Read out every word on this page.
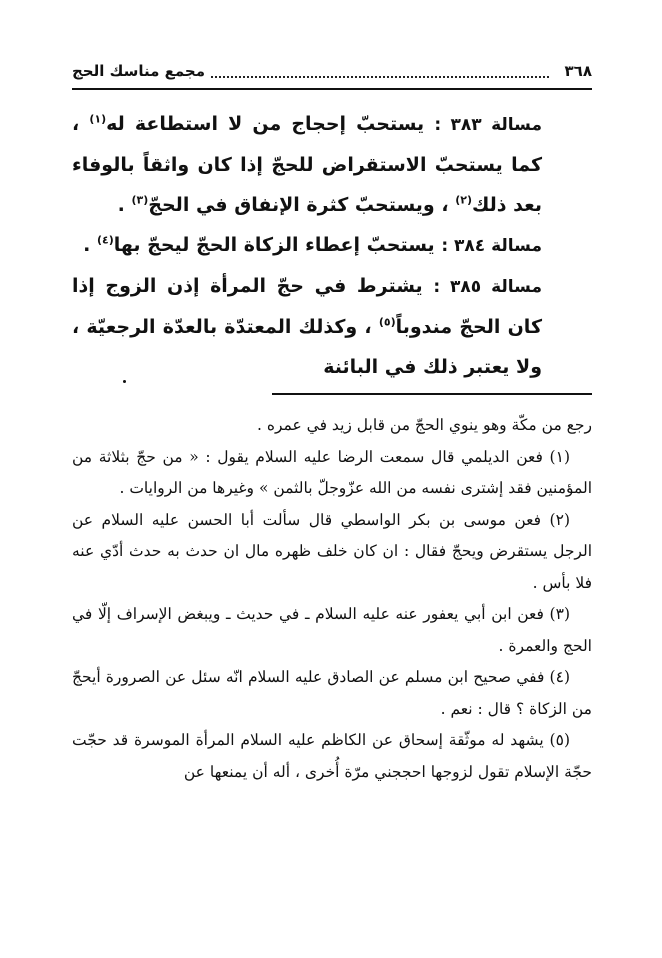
٣٦٨
مجمع مناسك الحج

مسالة ٣٨٣ : يستحبّ إحجاج من لا استطاعة له$^{(١)}$ ، كما يستحبّ الاستقراض للحجّ إذا كان واثقاً بالوفاء بعد ذلك$^{(٢)}$ ، ويستحبّ كثرة الإنفاق في الحجّ$^{(٣)}$ .

مسالة ٣٨٤ : يستحبّ إعطاء الزكاة الحجّ ليحجّ بها$^{(٤)}$ .

مسالة ٣٨٥ : يشترط في حجّ المرأة إذن الزوج إذا كان الحجّ مندوباً$^{(٥)}$ ، وكذلك المعتدّة بالعدّة الرجعيّة ، ولا يعتبر ذلك في البائنة

رجع من مكّة وهو ينوي الحجّ من قابل زيد في عمره .

(١) فعن الديلمي قال سمعت الرضا عليه السلام يقول : « من حجّ بثلاثة من المؤمنين فقد إشترى نفسه من الله عزّوجلّ بالثمن » وغيرها من الروايات .

(٢) فعن موسى بن بكر الواسطي قال سألت أبا الحسن عليه السلام عن الرجل يستقرض ويحجّ فقال : ان كان خلف ظهره مال ان حدث به حدث أدّي عنه فلا بأس .

(٣) فعن ابن أبي يعفور عنه عليه السلام ـ في حديث ـ ويبغض الإسراف إلّا في الحج والعمرة .

(٤) ففي صحيح ابن مسلم عن الصادق عليه السلام انّه سئل عن الصرورة أيحجّ من الزكاة ؟ قال : نعم .

(٥) يشهد له موثّقة إسحاق عن الكاظم عليه السلام المرأة الموسرة قد حجّت حجّة الإسلام تقول لزوجها احججني مرّة أُخرى ، أله أن يمنعها عن
